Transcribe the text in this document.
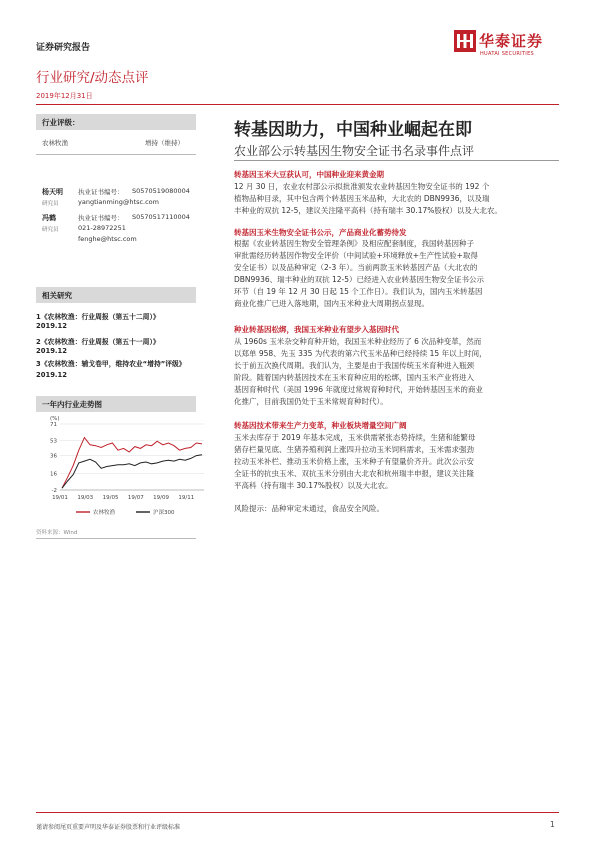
证券研究报告
行业研究/动态点评
2019年12月31日
华泰证券
HUATAI SECURITIES
行业评级：
农林牧渔	增持（维持）
杨天明
研究员
执业证书编号： S0570519080004
yangtianming@htsc.com
冯鹤
研究员
执业证书编号： S0570517110004
021-28972251
fenghe@htsc.com
相关研究
1《农林牧渔：行业周报（第五十二周）》
2019.12
2《农林牧渔：行业周报（第五十一周）》
2019.12
3《农林牧渔：辅戈卷甲，维持农业“增持”评级》 2019.12
一年内行业走势图
(%)
-2
16
36
53
71
19/01 19/03 19/05 19/07 19/09 19/11
农林牧渔	沪深300
资料来源：Wind
转基因助力，中国种业崛起在即
农业部公示转基因生物安全证书名录事件点评
转基因玉米大豆获认可，中国种业迎来黄金期
12 月 30 日，农业农村部公示拟批准颁发农业转基因生物安全证书的 192 个
植物品种目录，其中包含两个转基因玉米品种，大北农的 DBN9936，以及瑞
丰种业的双抗 12-5，建议关注隆平高科（持有瑞丰 30.17%股权）以及大北农。
转基因玉米生物安全证书公示，产品商业化蓄势待发
根据《农业转基因生物安全管理条例》及相应配套制度，我国转基因种子
审批需经历转基因作物安全评价（中间试验+环境释放+生产性试验+取得
安全证书）以及品种审定（2-3 年）。当前两款玉米转基因产品（大北农的
DBN9936、瑞丰种业的双抗 12-5）已经进入农业转基因生物安全证书公示
环节（自 19 年 12 月 30 日起 15 个工作日）。我们认为，国内玉米转基因
商业化推广已进入落地期，国内玉米种业大周期拐点显现。
种业转基因松绑，我国玉米种业有望步入基因时代
从 1960s 玉米杂交种育种开始，我国玉米种业经历了 6 次品种变革，然而
以郑单 958、先玉 335 为代表的第六代玉米品种已经持续 15 年以上时间，
长于前五次换代周期。我们认为，主要是由于我国传统玉米育种进入瓶颈
阶段。随着国内转基因技术在玉米育种应用的松绑，国内玉米产业将进入
基因育种时代（美国 1996 年就度过常规育种时代，开始转基因玉米的商业
化推广，目前我国仍处于玉米常规育种时代）。
转基因技术带来生产力变革，种业板块增量空间广阔
玉米去库存于 2019 年基本完成，玉米供需紧张态势持续，生猪和能繁母
猪存栏量见底、生猪养殖利润上涨四升拉动玉米饲料需求，玉米需求强劲
拉动玉米补栏、推动玉米价格上涨，玉米种子有望量价齐升。此次公示安
全证书的抗虫玉米、双抗玉米分别由大北农和杭州瑞丰申报，建议关注隆
平高科（持有瑞丰 30.17%股权）以及大北农。
风险提示：品种审定未通过，食品安全风险。
谨请参阅尾页重要声明及华泰证券股票和行业评级标准	1
